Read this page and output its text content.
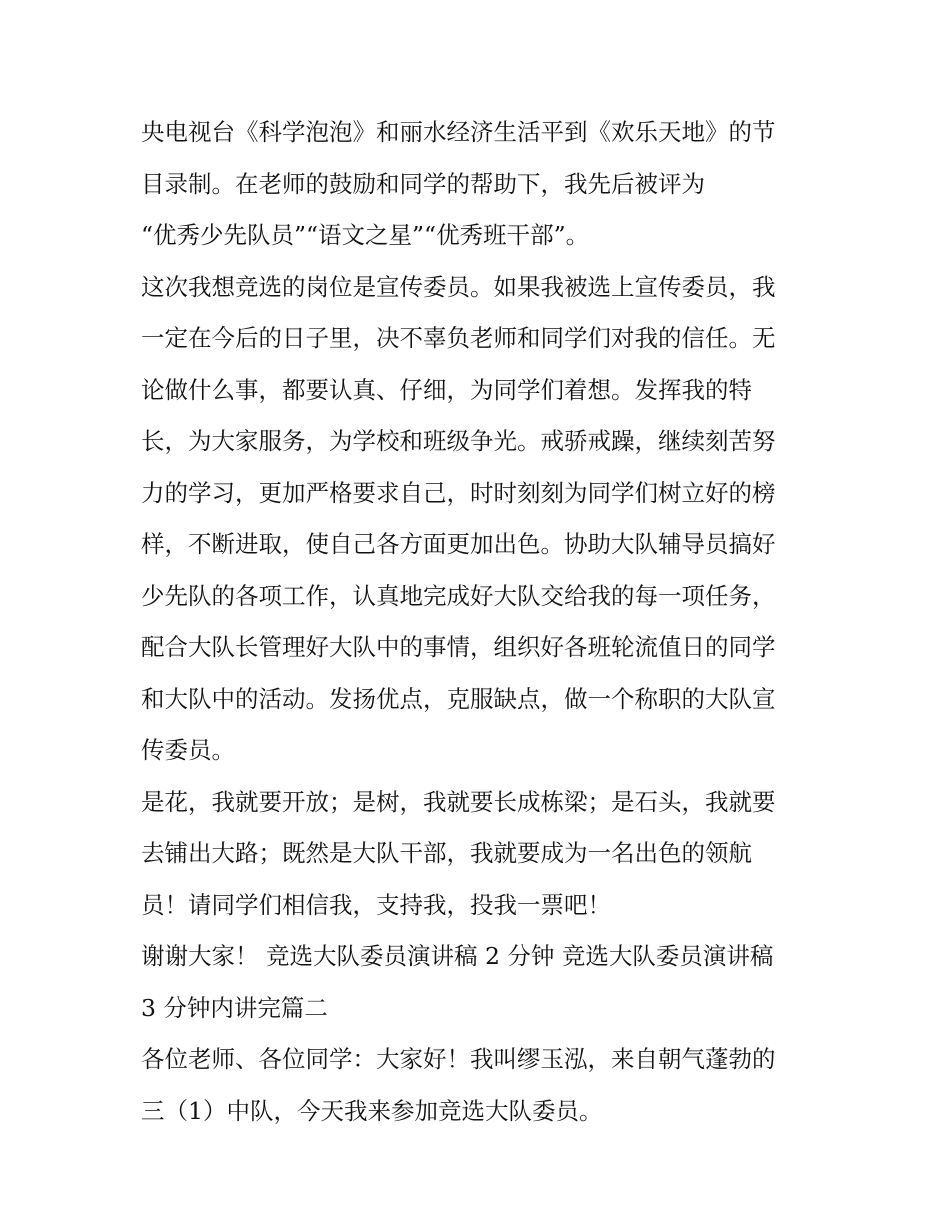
央电视台《科学泡泡》和丽水经济生活平到《欢乐天地》的节
目录制。在老师的鼓励和同学的帮助下，我先后被评为
“优秀少先队员”“语文之星”“优秀班干部”。
这次我想竞选的岗位是宣传委员。如果我被选上宣传委员，我
一定在今后的日子里，决不辜负老师和同学们对我的信任。无
论做什么事，都要认真、仔细，为同学们着想。发挥我的特
长，为大家服务，为学校和班级争光。戒骄戒躁，继续刻苦努
力的学习，更加严格要求自己，时时刻刻为同学们树立好的榜
样，不断进取，使自己各方面更加出色。协助大队辅导员搞好
少先队的各项工作，认真地完成好大队交给我的每一项任务，
配合大队长管理好大队中的事情，组织好各班轮流值日的同学
和大队中的活动。发扬优点，克服缺点，做一个称职的大队宣
传委员。
是花，我就要开放；是树，我就要长成栋梁；是石头，我就要
去铺出大路；既然是大队干部，我就要成为一名出色的领航
员！请同学们相信我，支持我，投我一票吧！
谢谢大家！ 竞选大队委员演讲稿 2 分钟 竞选大队委员演讲稿
3 分钟内讲完篇二
各位老师、各位同学：大家好！我叫缪玉泓，来自朝气蓬勃的
三（1）中队，今天我来参加竞选大队委员。
